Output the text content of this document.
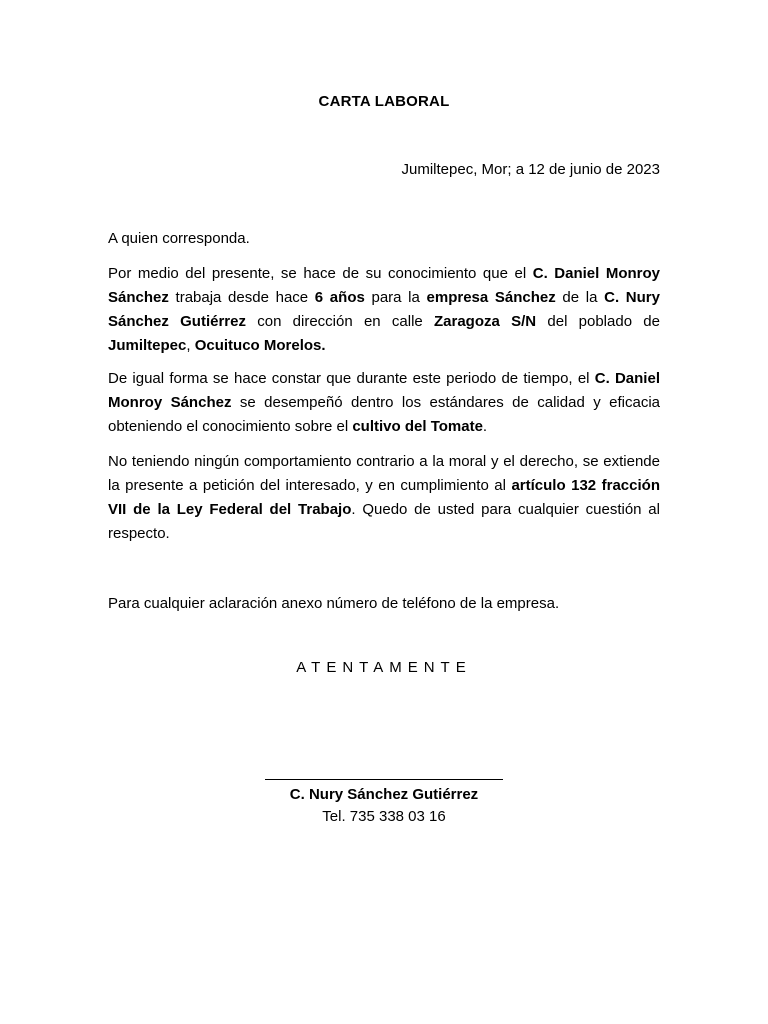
CARTA LABORAL
Jumiltepec, Mor; a 12 de junio de 2023
A quien corresponda.

Por medio del presente, se hace de su conocimiento que el C. Daniel Monroy Sánchez trabaja desde hace 6 años para la empresa Sánchez de la C. Nury Sánchez Gutiérrez con dirección en calle Zaragoza S/N del poblado de Jumiltepec, Ocuituco Morelos.

De igual forma se hace constar que durante este periodo de tiempo, el C. Daniel Monroy Sánchez se desempeñó dentro los estándares de calidad y eficacia obteniendo el conocimiento sobre el cultivo del Tomate.

No teniendo ningún comportamiento contrario a la moral y el derecho, se extiende la presente a petición del interesado, y en cumplimiento al artículo 132 fracción VII de la Ley Federal del Trabajo. Quedo de usted para cualquier cuestión al respecto.

Para cualquier aclaración anexo número de teléfono de la empresa.

ATENTAMENTE
C. Nury Sánchez Gutiérrez
Tel. 735 338 03 16
